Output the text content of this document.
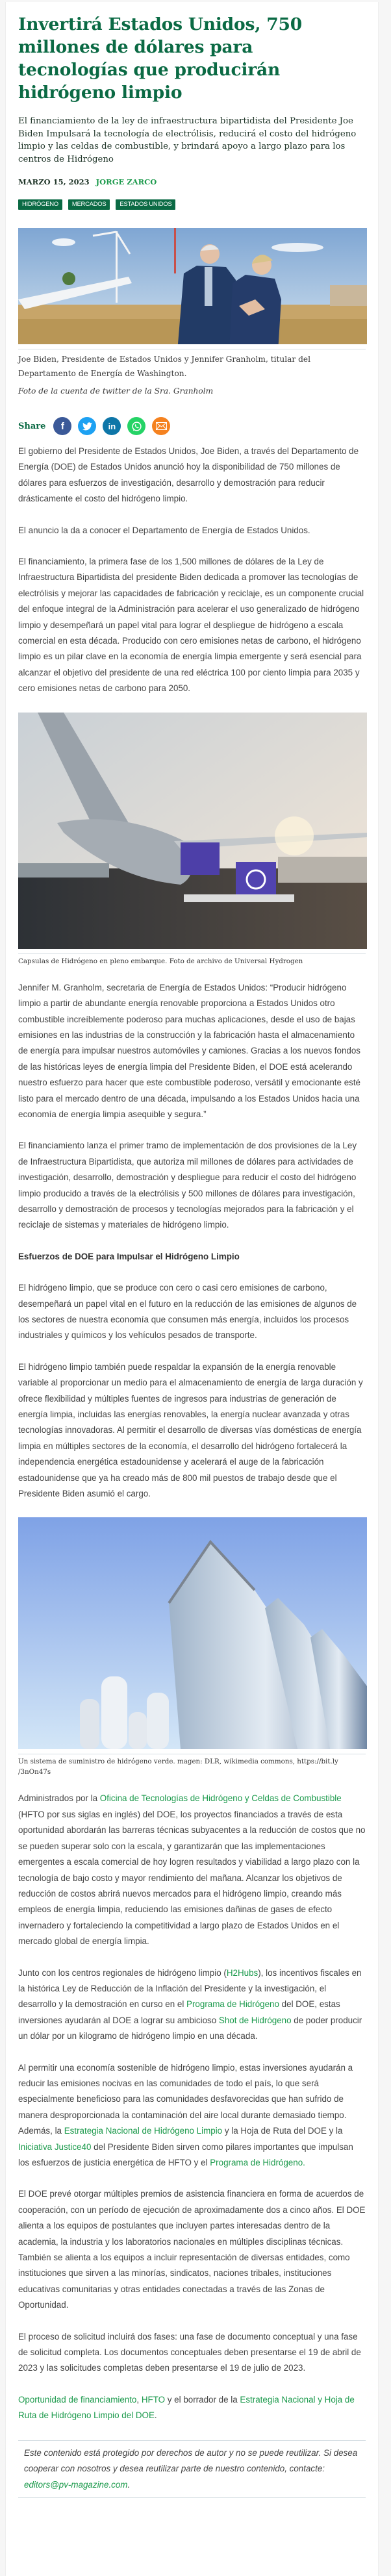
Invertirá Estados Unidos, 750 millones de dólares para tecnologías que producirán hidrógeno limpio

El financiamiento de la ley de infraestructura bipartidista del Presidente Joe Biden Impulsará la tecnología de electrólisis, reducirá el costo del hidrógeno limpio y las celdas de combustible, y brindará apoyo a largo plazo para los centros de Hidrógeno

MARZO 15, 2023 JORGE ZARCO
HIDRÓGENO	MERCADOS	ESTADOS UNIDOS
Joe Biden, Presidente de Estados Unidos y Jennifer Granholm, titular del Departamento de Energía de Washington.
Foto de la cuenta de twitter de la Sra. Granholm
Share f	in

El gobierno del Presidente de Estados Unidos, Joe Biden, a través del Departamento de Energía (DOE) de Estados Unidos anunció hoy la disponibilidad de 750 millones de dólares para esfuerzos de investigación, desarrollo y demostración para reducir drásticamente el costo del hidrógeno limpio.

El anuncio la da a conocer el Departamento de Energía de Estados Unidos.

El financiamiento, la primera fase de los 1,500 millones de dólares de la Ley de Infraestructura Bipartidista del presidente Biden dedicada a promover las tecnologías de electrólisis y mejorar las capacidades de fabricación y reciclaje, es un componente crucial del enfoque integral de la Administración para acelerar el uso generalizado de hidrógeno limpio y desempeñará un papel vital para lograr el despliegue de hidrógeno a escala comercial en esta década. Producido con cero emisiones netas de carbono, el hidrógeno limpio es un pilar clave en la economía de energía limpia emergente y será esencial para alcanzar el objetivo del presidente de una red eléctrica 100 por ciento limpia para 2035 y cero emisiones netas de carbono para 2050.

Capsulas de Hidrógeno en pleno embarque. Foto de archivo de Universal Hydrogen

Jennifer M. Granholm, secretaria de Energía de Estados Unidos: “Producir hidrógeno limpio a partir de abundante energía renovable proporciona a Estados Unidos otro combustible increíblemente poderoso para muchas aplicaciones, desde el uso de bajas emisiones en las industrias de la construcción y la fabricación hasta el almacenamiento de energía para impulsar nuestros automóviles y camiones. Gracias a los nuevos fondos de las históricas leyes de energía limpia del Presidente Biden, el DOE está acelerando nuestro esfuerzo para hacer que este combustible poderoso, versátil y emocionante esté listo para el mercado dentro de una década, impulsando a los Estados Unidos hacia una economía de energía limpia asequible y segura.”

El financiamiento lanza el primer tramo de implementación de dos provisiones de la Ley de Infraestructura Bipartidista, que autoriza mil millones de dólares para actividades de investigación, desarrollo, demostración y despliegue para reducir el costo del hidrógeno limpio producido a través de la electrólisis y 500 millones de dólares para investigación, desarrollo y demostración de procesos y tecnologías mejorados para la fabricación y el reciclaje de sistemas y materiales de hidrógeno limpio.

Esfuerzos de DOE para Impulsar el Hidrógeno Limpio

El hidrógeno limpio, que se produce con cero o casi cero emisiones de carbono, desempeñará un papel vital en el futuro en la reducción de las emisiones de algunos de los sectores de nuestra economía que consumen más energía, incluidos los procesos industriales y químicos y los vehículos pesados de transporte.

El hidrógeno limpio también puede respaldar la expansión de la energía renovable variable al proporcionar un medio para el almacenamiento de energía de larga duración y ofrece flexibilidad y múltiples fuentes de ingresos para industrias de generación de energía limpia, incluidas las energías renovables, la energía nuclear avanzada y otras tecnologías innovadoras. Al permitir el desarrollo de diversas vías domésticas de energía limpia en múltiples sectores de la economía, el desarrollo del hidrógeno fortalecerá la independencia energética estadounidense y acelerará el auge de la fabricación estadounidense que ya ha creado más de 800 mil puestos de trabajo desde que el Presidente Biden asumió el cargo.

Un sistema de suministro de hidrógeno verde. magen: DLR, wikimedia commons, https://bit.ly /3nOn47s

Administrados por la Oficina de Tecnologías de Hidrógeno y Celdas de Combustible (HFTO por sus siglas en inglés) del DOE, los proyectos financiados a través de esta oportunidad abordarán las barreras técnicas subyacentes a la reducción de costos que no se pueden superar solo con la escala, y garantizarán que las implementaciones emergentes a escala comercial de hoy logren resultados y viabilidad a largo plazo con la tecnología de bajo costo y mayor rendimiento del mañana. Alcanzar los objetivos de reducción de costos abrirá nuevos mercados para el hidrógeno limpio, creando más empleos de energía limpia, reduciendo las emisiones dañinas de gases de efecto invernadero y fortaleciendo la competitividad a largo plazo de Estados Unidos en el mercado global de energía limpia.

Junto con los centros regionales de hidrógeno limpio (H2Hubs), los incentivos fiscales en la histórica Ley de Reducción de la Inflación del Presidente y la investigación, el desarrollo y la demostración en curso en el Programa de Hidrógeno del DOE, estas inversiones ayudarán al DOE a lograr su ambicioso Shot de Hidrógeno de poder producir un dólar por un kilogramo de hidrógeno limpio en una década.

Al permitir una economía sostenible de hidrógeno limpio, estas inversiones ayudarán a reducir las emisiones nocivas en las comunidades de todo el país, lo que será especialmente beneficioso para las comunidades desfavorecidas que han sufrido de manera desproporcionada la contaminación del aire local durante demasiado tiempo. Además, la Estrategia Nacional de Hidrógeno Limpio y la Hoja de Ruta del DOE y la Iniciativa Justice40 del Presidente Biden sirven como pilares importantes que impulsan los esfuerzos de justicia energética de HFTO y el Programa de Hidrógeno.

El DOE prevé otorgar múltiples premios de asistencia financiera en forma de acuerdos de cooperación, con un período de ejecución de aproximadamente dos a cinco años. El DOE alienta a los equipos de postulantes que incluyen partes interesadas dentro de la academia, la industria y los laboratorios nacionales en múltiples disciplinas técnicas. También se alienta a los equipos a incluir representación de diversas entidades, como instituciones que sirven a las minorías, sindicatos, naciones tribales, instituciones educativas comunitarias y otras entidades conectadas a través de las Zonas de Oportunidad.

El proceso de solicitud incluirá dos fases: una fase de documento conceptual y una fase de solicitud completa. Los documentos conceptuales deben presentarse el 19 de abril de 2023 y las solicitudes completas deben presentarse el 19 de julio de 2023.

Oportunidad de financiamiento, HFTO y el borrador de la Estrategia Nacional y Hoja de Ruta de Hidrógeno Limpio del DOE.

Este contenido está protegido por derechos de autor y no se puede reutilizar. Si desea cooperar con nosotros y desea reutilizar parte de nuestro contenido, contacte: editors@pv-magazine.com.
